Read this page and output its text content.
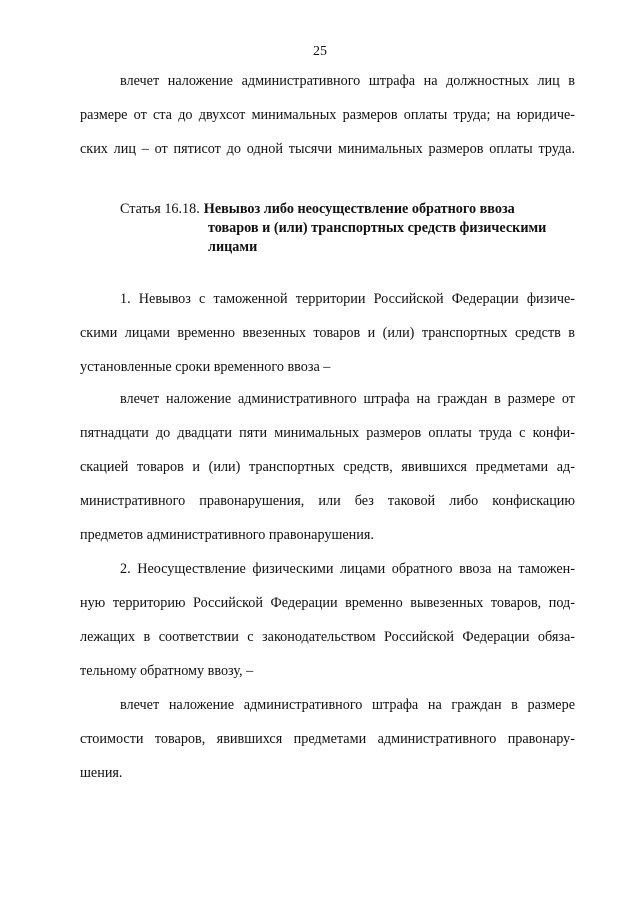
25
влечет наложение административного штрафа на должностных лиц в
размере от ста до двухсот минимальных размеров оплаты труда; на юридиче-
ских лиц – от пятисот до одной тысячи минимальных размеров оплаты труда.
Статья 16.18. Невывоз либо неосуществление обратного ввоза
товаров и (или) транспортных средств физическими
лицами
1. Невывоз с таможенной территории Российской Федерации физиче-
скими лицами временно ввезенных товаров и (или) транспортных средств в
установленные сроки временного ввоза –
влечет наложение административного штрафа на граждан в размере от
пятнадцати до двадцати пяти минимальных размеров оплаты труда с конфи-
скацией товаров и (или) транспортных средств, явившихся предметами ад-
министративного правонарушения, или без таковой либо конфискацию
предметов административного правонарушения.
2. Неосуществление физическими лицами обратного ввоза на таможен-
ную территорию Российской Федерации временно вывезенных товаров, под-
лежащих в соответствии с законодательством Российской Федерации обяза-
тельному обратному ввозу, –
влечет наложение административного штрафа на граждан в размере
стоимости товаров, явившихся предметами административного правонару-
шения.
